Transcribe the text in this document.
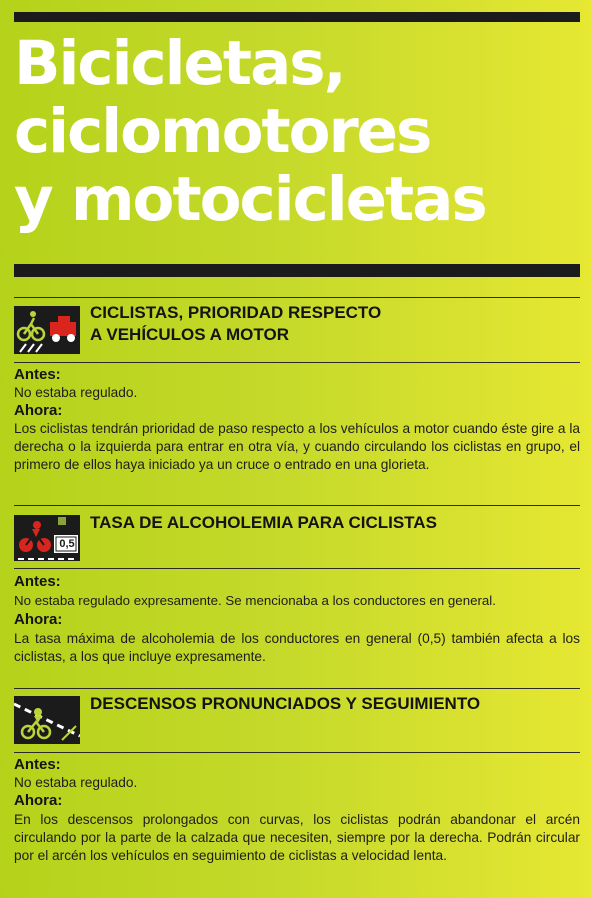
Bicicletas,
ciclomotores
y motocicletas
CICLISTAS, PRIORIDAD RESPECTO
A VEHÍCULOS A MOTOR
Antes:

No estaba regulado.

Ahora:

Los ciclistas tendrán prioridad de paso respecto a los vehículos a motor cuando éste gire a la derecha o la izquierda para entrar en otra vía, y cuando circulando los ciclistas en grupo, el primero de ellos haya iniciado ya un cruce o entrado en una glorieta.

0,5
TASA DE ALCOHOLEMIA PARA CICLISTAS
Antes:

No estaba regulado expresamente. Se mencionaba a los conductores en general.

Ahora:

La tasa máxima de alcoholemia de los conductores en general (0,5) también afecta a los ciclistas, a los que incluye expresamente.

DESCENSOS PRONUNCIADOS Y SEGUIMIENTO
Antes:

No estaba regulado.

Ahora:

En los descensos prolongados con curvas, los ciclistas podrán abandonar el arcén circulando por la parte de la calzada que necesiten, siempre por la derecha. Podrán circular por el arcén los vehículos en seguimiento de ciclistas a velocidad lenta.
